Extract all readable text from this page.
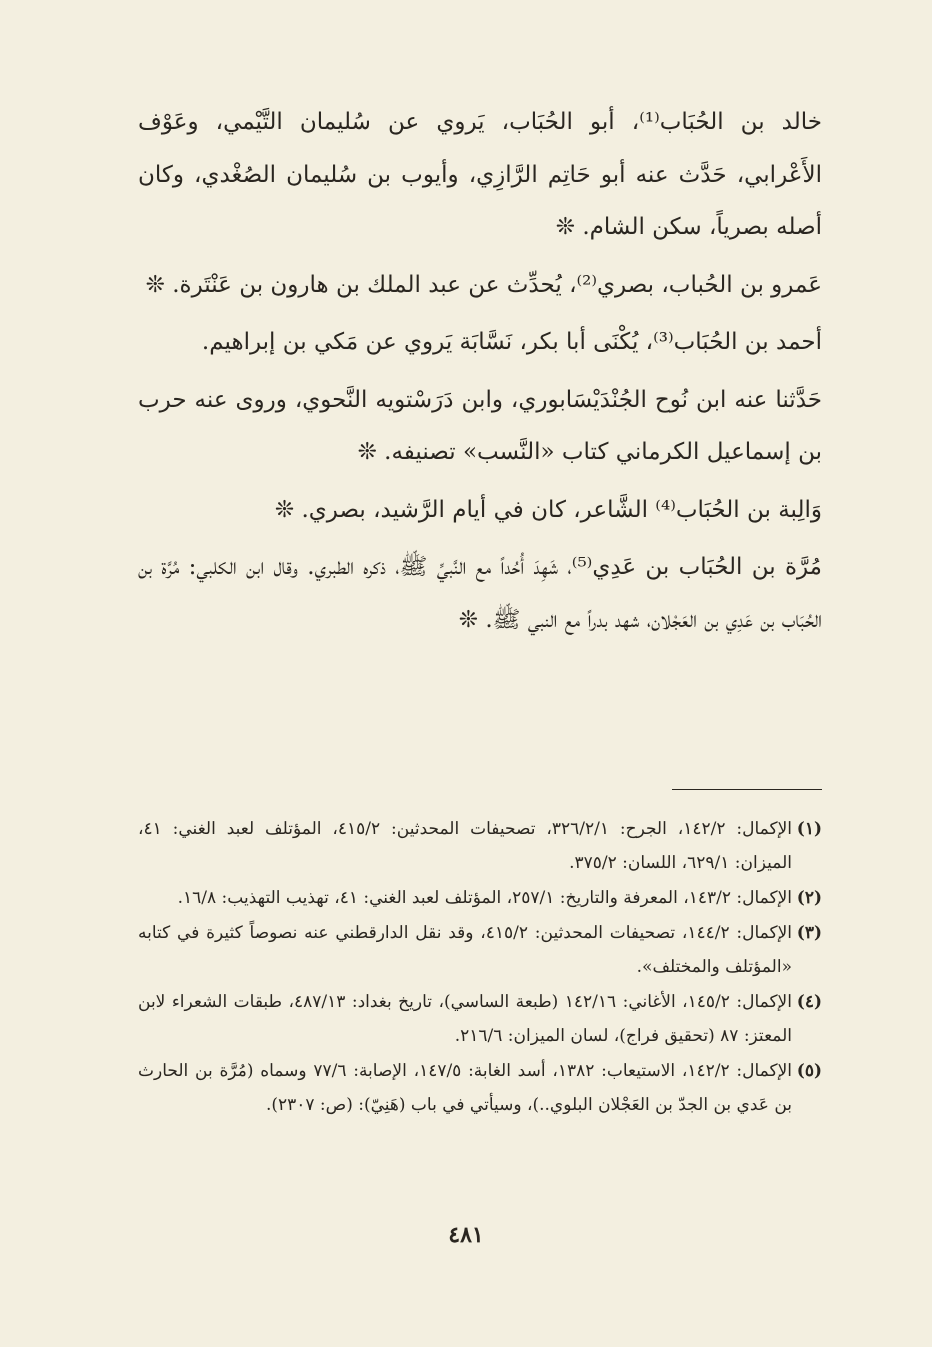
خالد بن الحُبَاب⁽¹⁾، أبو الحُبَاب، يَروي عن سُليمان التَّيْمي، وعَوْف الأَعْرابي، حَدَّث عنه أبو حَاتِم الرَّازِي، وأيوب بن سُليمان الصُغْدي، وكان أصله بصرياً، سكن الشام. ❊

عَمرو بن الحُباب، بصري⁽²⁾، يُحدِّث عن عبد الملك بن هارون بن عَنْتَرة. ❊

أحمد بن الحُبَاب⁽³⁾، يُكْنَى أبا بكر، نَسَّابَة يَروي عن مَكي بن إبراهيم.

حَدَّثنا عنه ابن نُوح الجُنْدَيْسَابوري، وابن دَرَسْتويه النَّحوي، وروى عنه حرب بن إسماعيل الكرماني كتاب «النَّسب» تصنيفه. ❊

وَالِبة بن الحُبَاب⁽⁴⁾ الشَّاعر، كان في أيام الرَّشيد، بصري. ❊

مُرَّة بن الحُبَاب بن عَدِي⁽⁵⁾، شَهِدَ أُحُداً مع النَّبيِّ ﷺ، ذكره الطبري. وقال ابن الكلبي: مُرَّة بن الحُبَاب بن عَدِي بن العَجْلان، شهد بدراً مع النبي ﷺ. ❊

(١)
الإكمال: ١٤٢/٢، الجرح: ٣٢٦/٢/١، تصحيفات المحدثين: ٤١٥/٢، المؤتلف لعبد الغني: ٤١، الميزان: ٦٢٩/١، اللسان: ٣٧٥/٢.
(٢)
الإكمال: ١٤٣/٢، المعرفة والتاريخ: ٢٥٧/١، المؤتلف لعبد الغني: ٤١، تهذيب التهذيب: ١٦/٨.
(٣)
الإكمال: ١٤٤/٢، تصحيفات المحدثين: ٤١٥/٢، وقد نقل الدارقطني عنه نصوصاً كثيرة في كتابه «المؤتلف والمختلف».
(٤)
الإكمال: ١٤٥/٢، الأغاني: ١٤٢/١٦ (طبعة الساسي)، تاريخ بغداد: ٤٨٧/١٣، طبقات الشعراء لابن المعتز: ٨٧ (تحقيق فراج)، لسان الميزان: ٢١٦/٦.
(٥)
الإكمال: ١٤٢/٢، الاستيعاب: ١٣٨٢، أسد الغابة: ١٤٧/٥، الإصابة: ٧٧/٦ وسماه (مُرَّة بن الحارث بن عَدي بن الجدّ بن العَجْلان البلوي..)، وسيأتي في باب (هَنِيّ): (ص: ٢٣٠٧).
٤٨١
